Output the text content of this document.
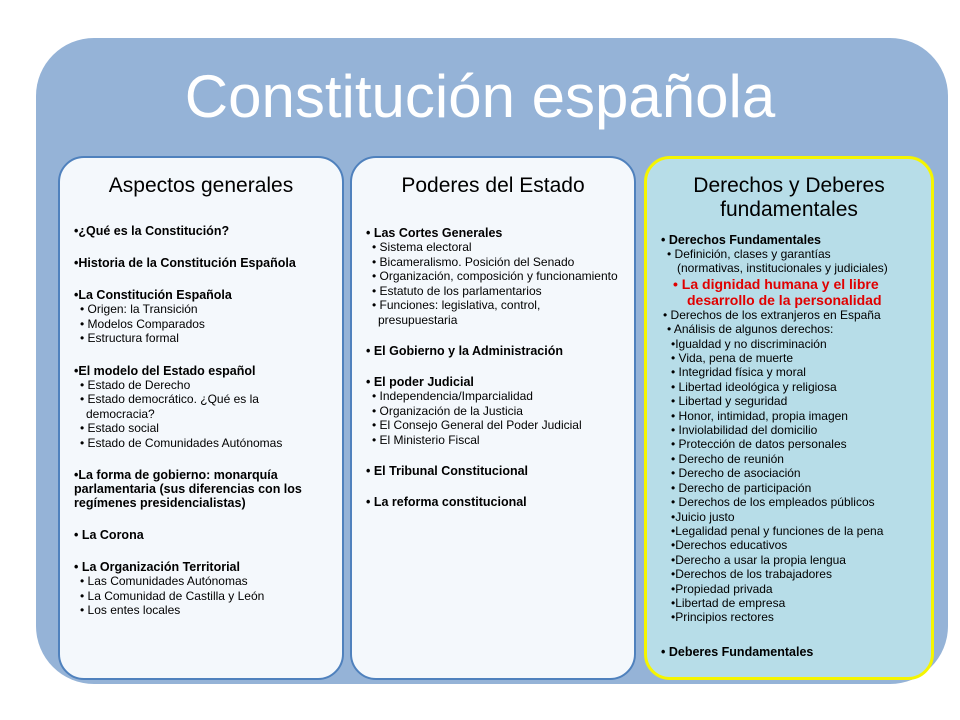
Constitución española
Aspectos generales
•¿Qué es la Constitución?
•Historia de la Constitución Española
•La Constitución Española
• Origen: la Transición
• Modelos Comparados
• Estructura formal
•El modelo del Estado español
• Estado de Derecho
• Estado democrático. ¿Qué es la
democracia?
• Estado social
• Estado de Comunidades Autónomas
•La forma de gobierno: monarquía
parlamentaria (sus diferencias con los
regímenes presidencialistas)
• La Corona
• La Organización Territorial
• Las Comunidades Autónomas
• La Comunidad de Castilla y León
• Los entes locales
Poderes del Estado
• Las Cortes Generales
• Sistema electoral
• Bicameralismo. Posición del Senado
• Organización, composición y funcionamiento
• Estatuto de los parlamentarios
• Funciones: legislativa, control,
presupuestaria
• El Gobierno y la Administración
• El poder Judicial
• Independencia/Imparcialidad
• Organización de la Justicia
• El Consejo General del Poder Judicial
• El Ministerio Fiscal
• El Tribunal Constitucional
• La reforma constitucional
Derechos y Deberes fundamentales
• Derechos Fundamentales
• Definición, clases y garantías
(normativas, institucionales y judiciales)
• La dignidad humana y el libre
desarrollo de la personalidad
• Derechos de los extranjeros en España
• Análisis de algunos derechos:
•Igualdad y no discriminación
• Vida, pena de muerte
• Integridad física y moral
• Libertad ideológica y religiosa
• Libertad y seguridad
• Honor, intimidad, propia imagen
• Inviolabilidad del domicilio
• Protección de datos personales
• Derecho de reunión
• Derecho de asociación
• Derecho de participación
• Derechos de los empleados públicos
•Juicio justo
•Legalidad penal y funciones de la pena
•Derechos educativos
•Derecho a usar la propia lengua
•Derechos de los trabajadores
•Propiedad privada
•Libertad de empresa
•Principios rectores
• Deberes Fundamentales
